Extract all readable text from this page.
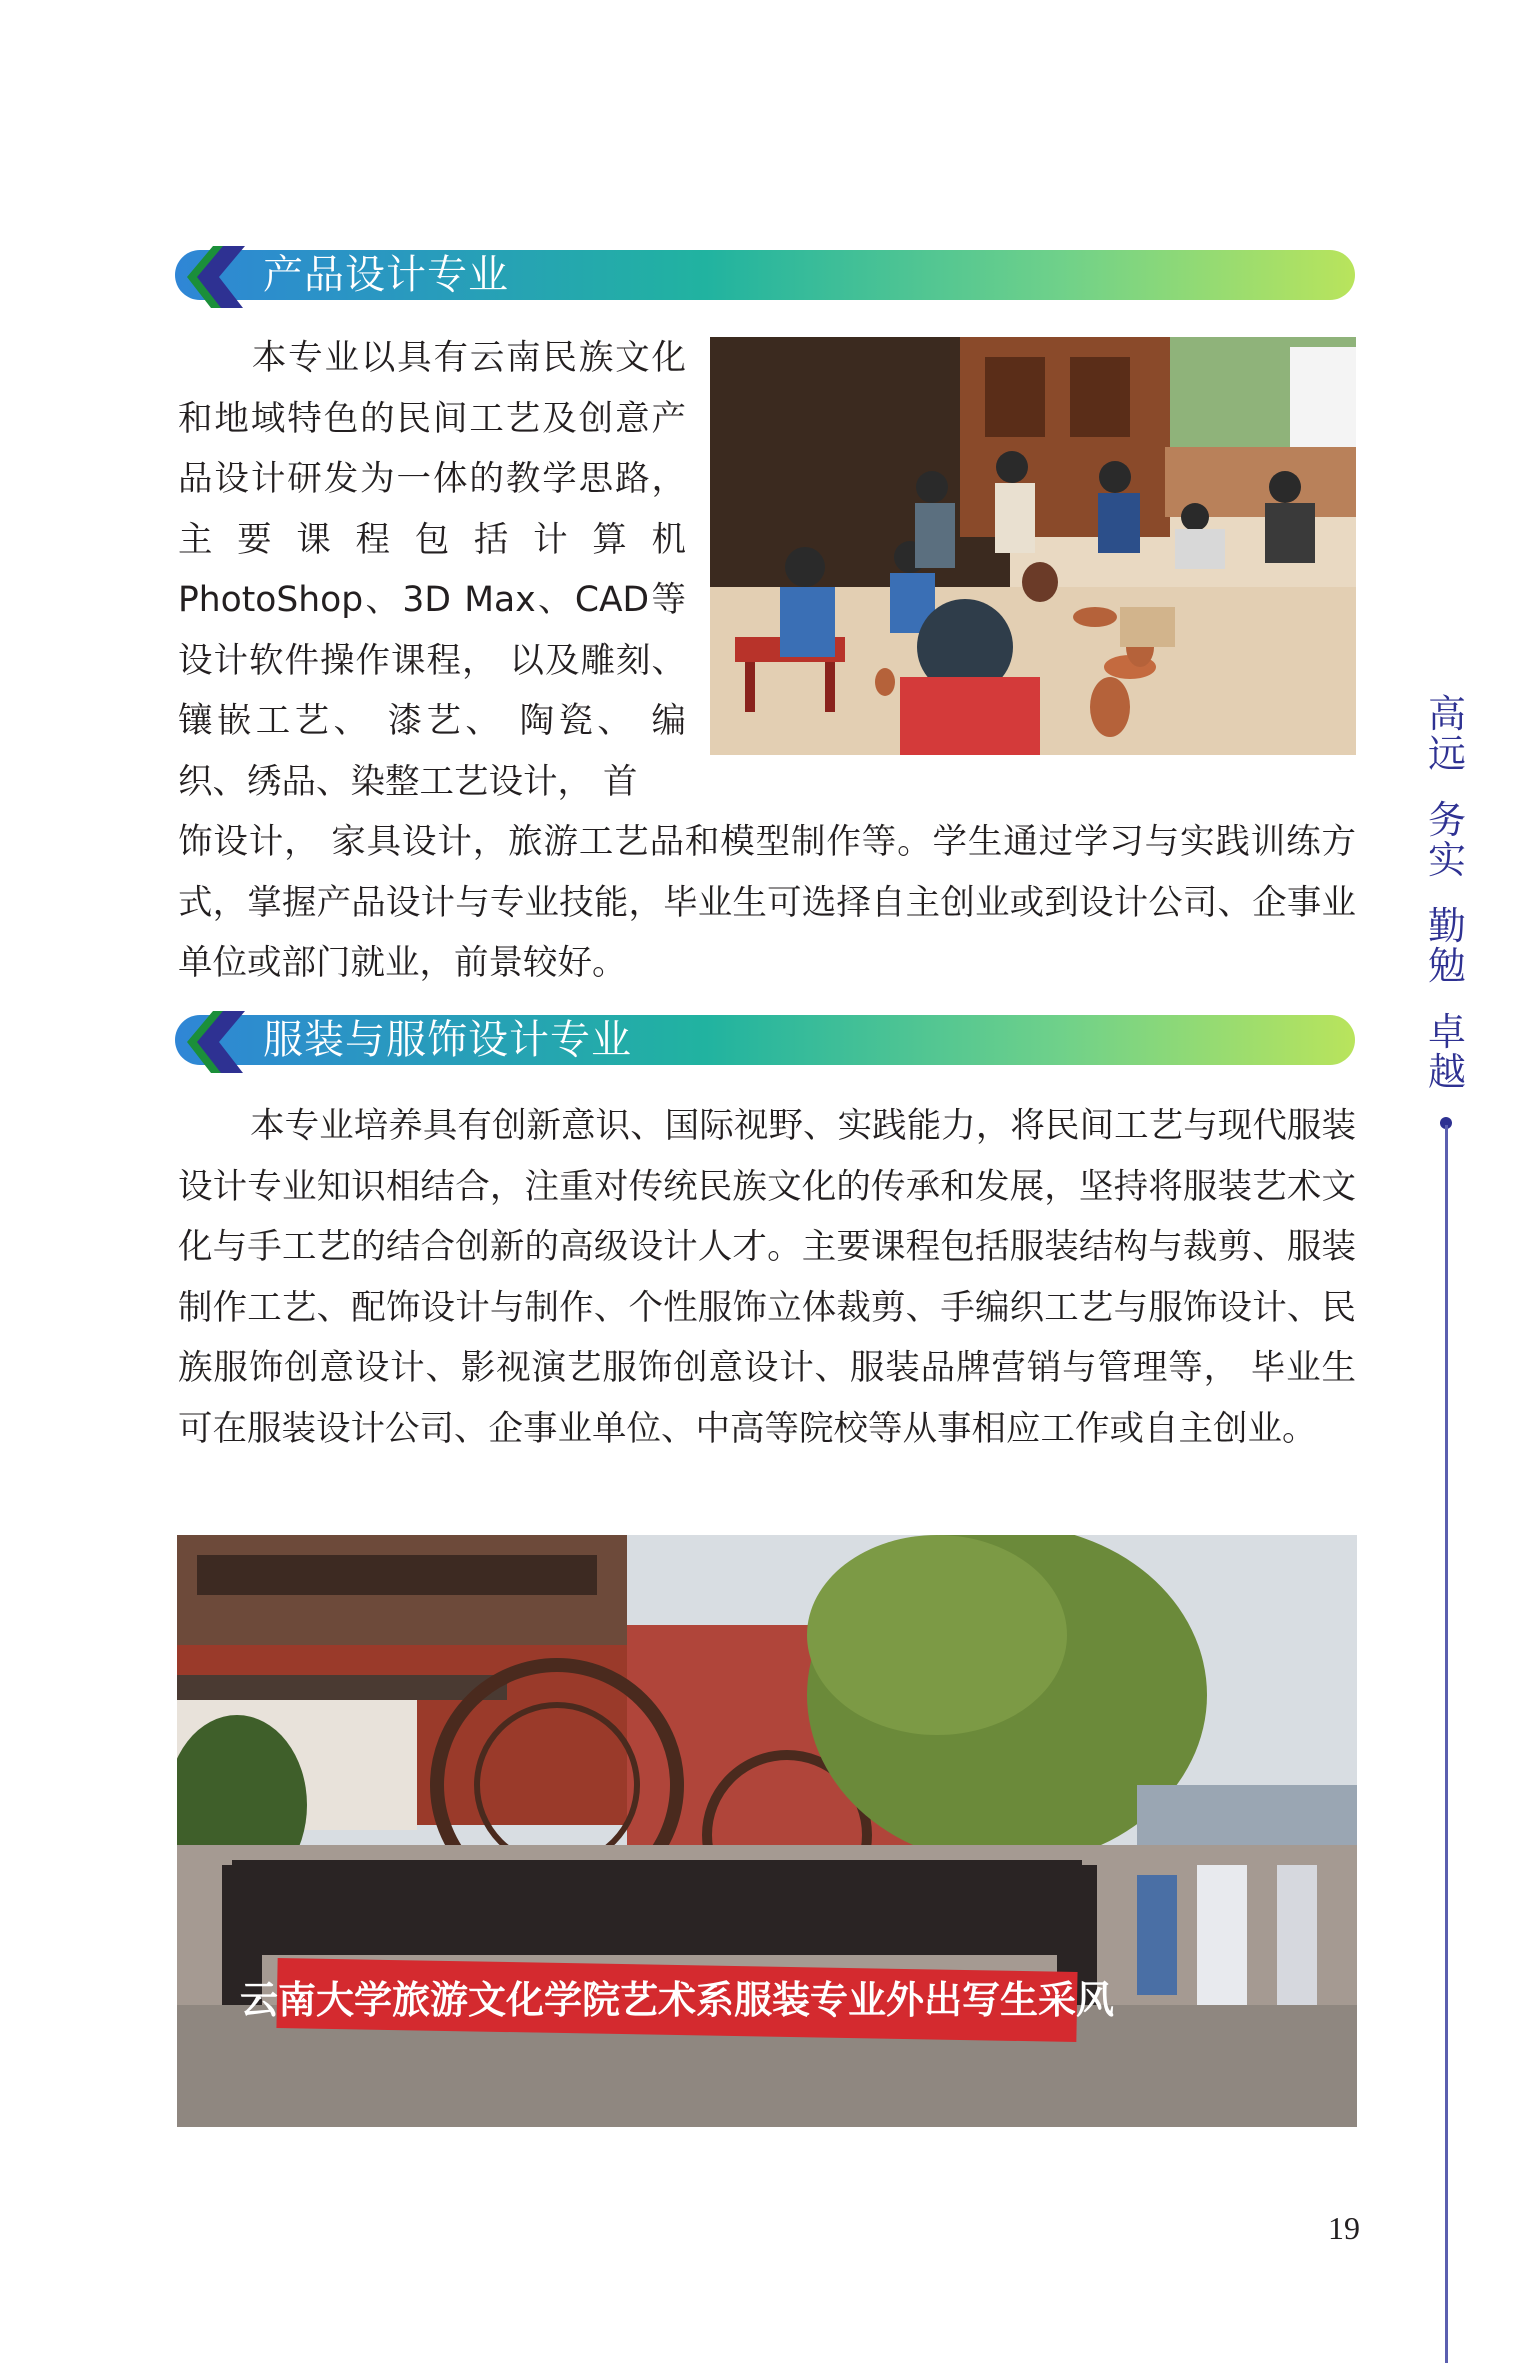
产品设计专业

本专业以具有云南民族文化和地域特色的民间工艺及创意产品设计研发为一体的教学思路，主要课程包括计算机PhotoShop、3D Max、CAD等设计软件操作课程， 以及雕刻、镶嵌工艺、 漆艺、 陶瓷、 编织、绣品、染整工艺设计， 首

饰设计， 家具设计，旅游工艺品和模型制作等。学生通过学习与实践训练方式，掌握产品设计与专业技能，毕业生可选择自主创业或到设计公司、企事业单位或部门就业，前景较好。

服装与服饰设计专业

本专业培养具有创新意识、国际视野、实践能力，将民间工艺与现代服装设计专业知识相结合，注重对传统民族文化的传承和发展，坚持将服装艺术文化与手工艺的结合创新的高级设计人才。主要课程包括服装结构与裁剪、服装制作工艺、配饰设计与制作、个性服饰立体裁剪、手编织工艺与服饰设计、民族服饰创意设计、影视演艺服饰创意设计、服装品牌营销与管理等， 毕业生可在服装设计公司、企事业单位、中高等院校等从事相应工作或自主创业。

云南大学旅游文化学院艺术系服装专业外出写生采风
高
远
务
实
勤
勉
卓
越
19
